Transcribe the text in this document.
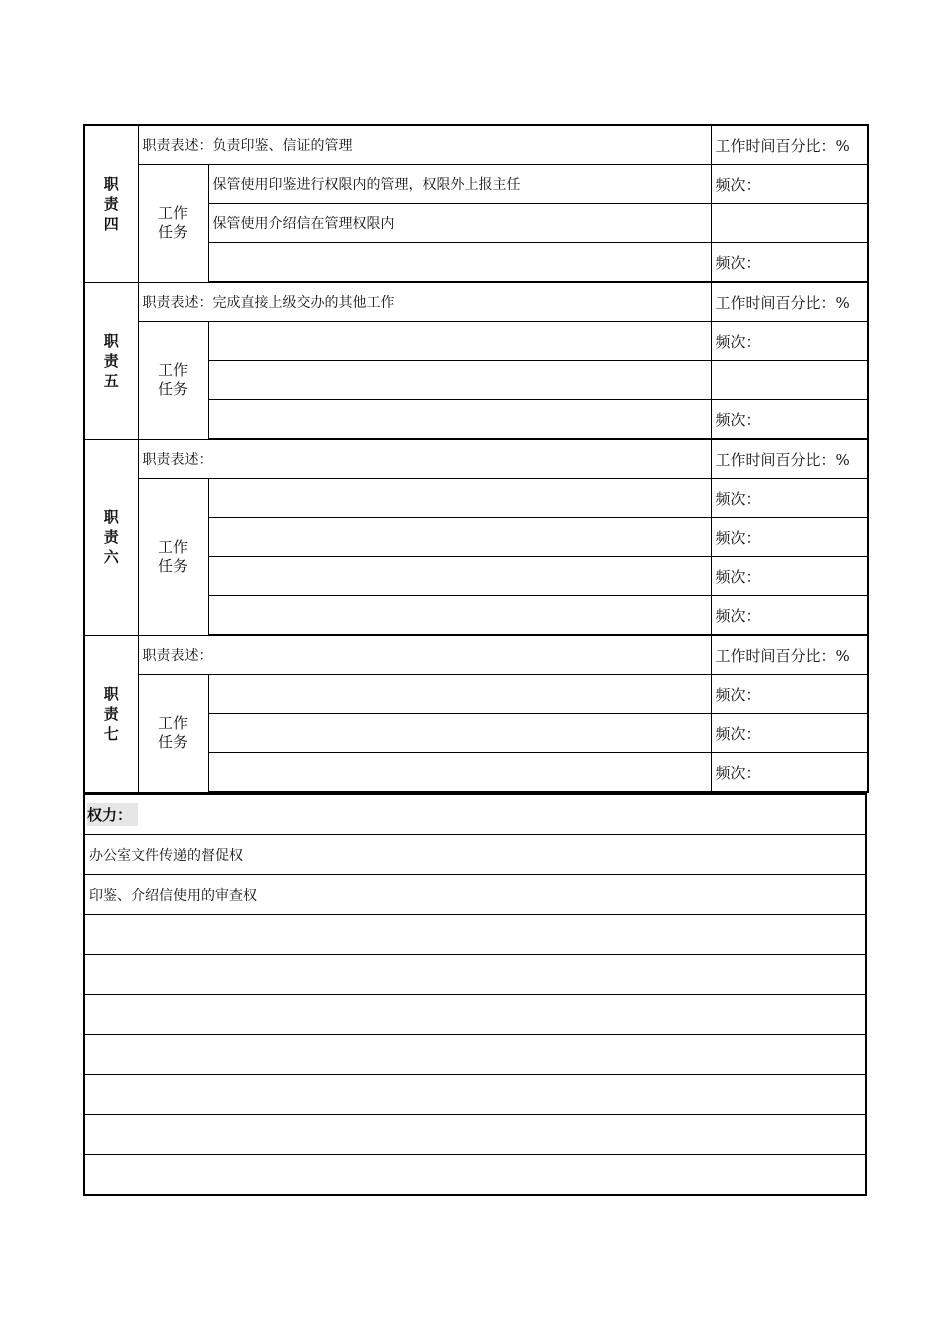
职
责
四	职责表述：负责印鉴、信证的管理		工作时间百分比：%

	工作
任务	保管使用印鉴进行权限内的管理，权限外上报主任	频次：
		保管使用介绍信在管理权限内	
			频次：

职
责
五	职责表述：完成直接上级交办的其他工作		工作时间百分比：%

	工作
任务		频次：

			频次：

职
责
六	职责表述：		工作时间百分比：%

	工作
任务		频次：
			频次：
			频次：
			频次：

职
责
七	职责表述：		工作时间百分比：%

	工作
任务		频次：
			频次：
			频次：
权力：
办公室文件传递的督促权
印鉴、介绍信使用的审查权
